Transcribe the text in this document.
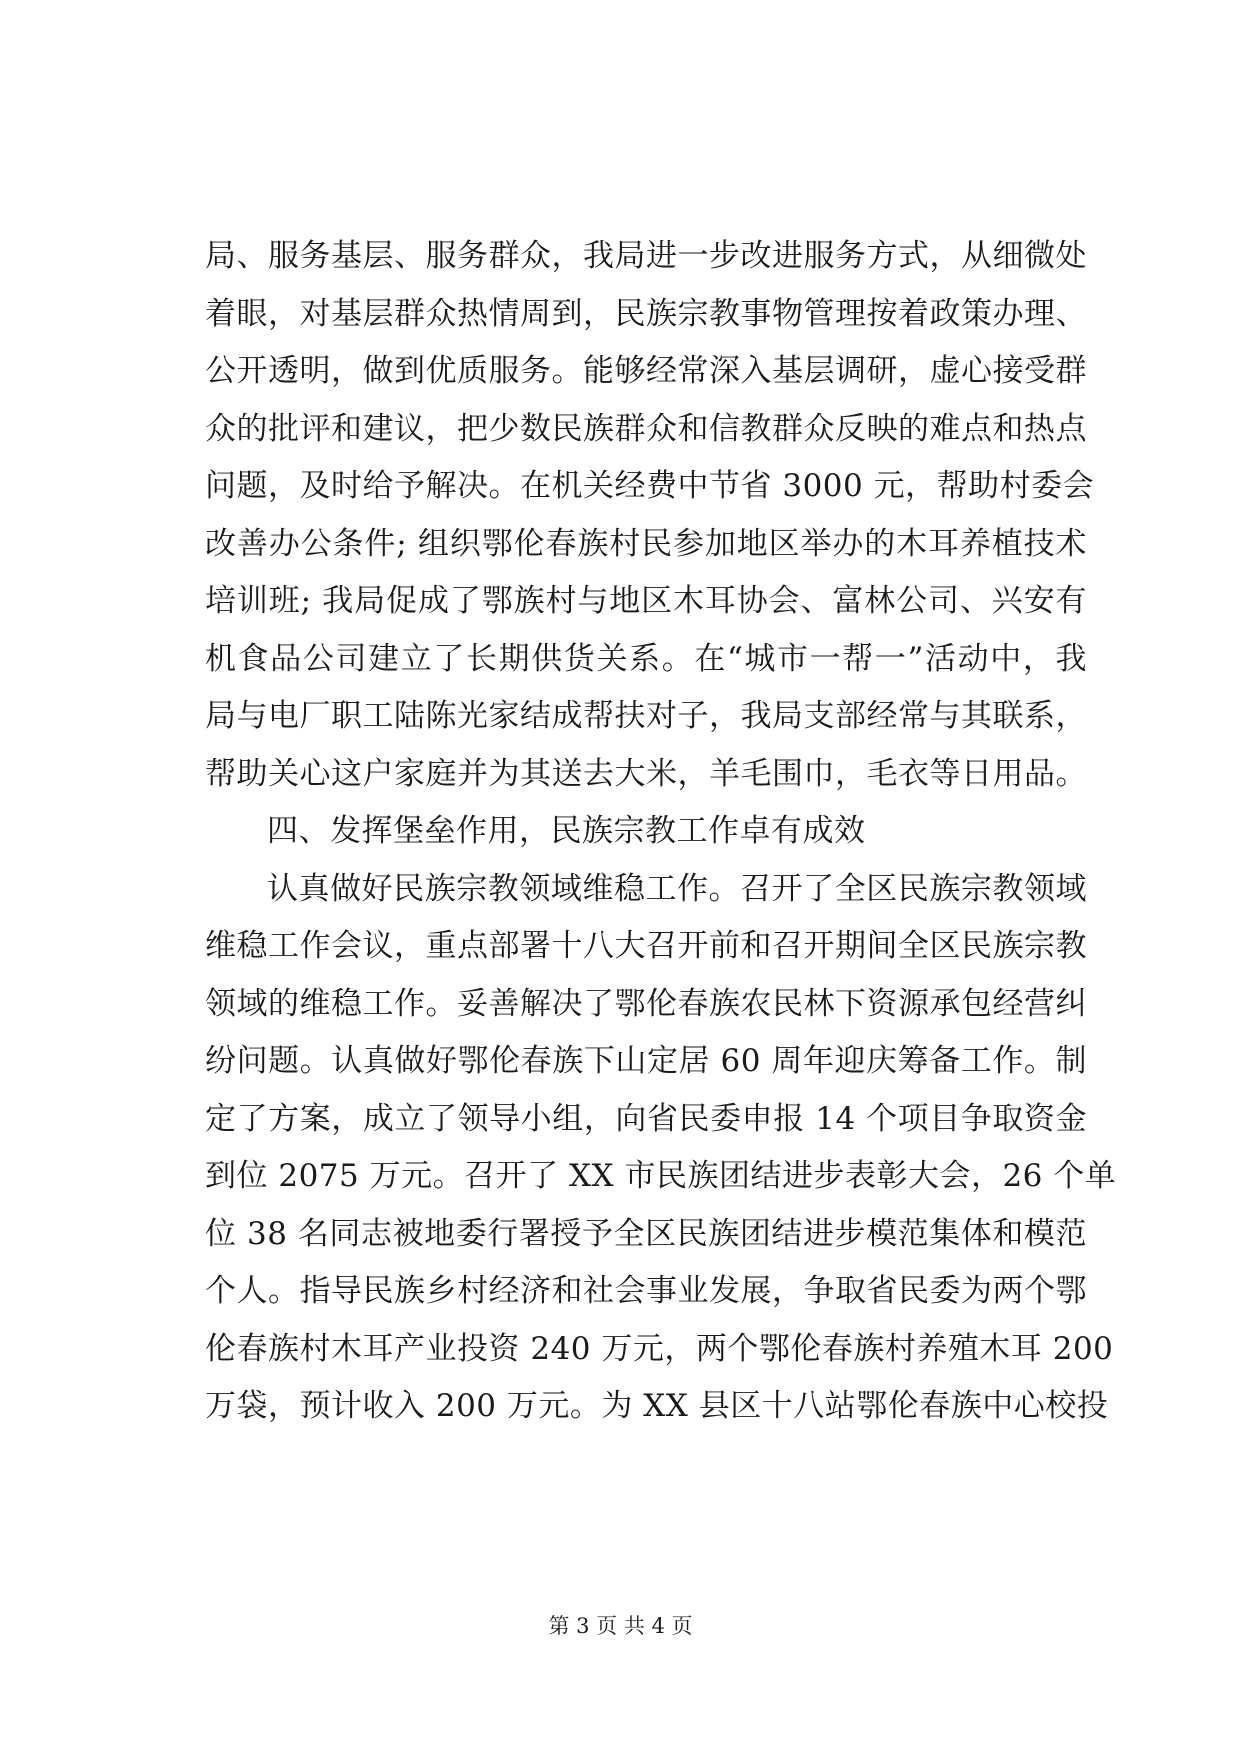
局、服务基层、服务群众，我局进一步改进服务方式，从细微处
着眼，对基层群众热情周到，民族宗教事物管理按着政策办理、
公开透明，做到优质服务。能够经常深入基层调研，虚心接受群
众的批评和建议，把少数民族群众和信教群众反映的难点和热点
问题，及时给予解决。在机关经费中节省 3000 元，帮助村委会
改善办公条件; 组织鄂伦春族村民参加地区举办的木耳养植技术
培训班; 我局促成了鄂族村与地区木耳协会、富林公司、兴安有
机食品公司建立了长期供货关系。在“城市一帮一”活动中，我
局与电厂职工陆陈光家结成帮扶对子，我局支部经常与其联系，
帮助关心这户家庭并为其送去大米，羊毛围巾，毛衣等日用品。
四、发挥堡垒作用，民族宗教工作卓有成效
认真做好民族宗教领域维稳工作。召开了全区民族宗教领域
维稳工作会议，重点部署十八大召开前和召开期间全区民族宗教
领域的维稳工作。妥善解决了鄂伦春族农民林下资源承包经营纠
纷问题。认真做好鄂伦春族下山定居 60 周年迎庆筹备工作。制
定了方案，成立了领导小组，向省民委申报 14 个项目争取资金
到位 2075 万元。召开了 XX 市民族团结进步表彰大会，26 个单
位 38 名同志被地委行署授予全区民族团结进步模范集体和模范
个人。指导民族乡村经济和社会事业发展，争取省民委为两个鄂
伦春族村木耳产业投资 240 万元，两个鄂伦春族村养殖木耳 200
万袋，预计收入 200 万元。为 XX 县区十八站鄂伦春族中心校投
第 3 页 共 4 页
